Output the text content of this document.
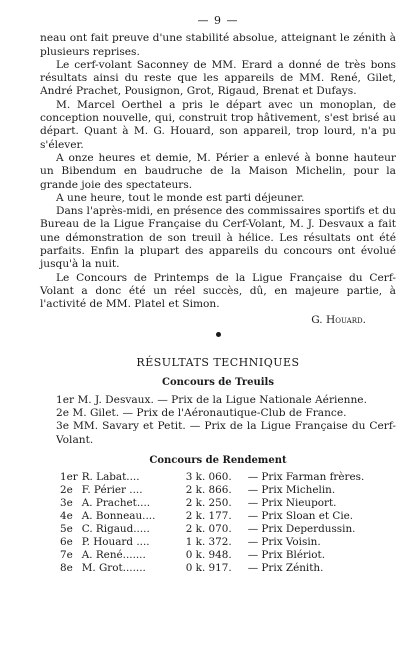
— 9 —

neau ont fait preuve d'une stabilité absolue, atteignant le zénith à plusieurs reprises.

Le cerf-volant Saconney de MM. Erard a donné de très bons résultats ainsi du reste que les appareils de MM. René, Gilet, André Prachet, Pousignon, Grot, Rigaud, Brenat et Dufays.

M. Marcel Oerthel a pris le départ avec un monoplan, de conception nouvelle, qui, construit trop hâtivement, s'est brisé au départ. Quant à M. G. Houard, son appareil, trop lourd, n'a pu s'élever.

A onze heures et demie, M. Périer a enlevé à bonne hauteur un Bibendum en baudruche de la Maison Michelin, pour la grande joie des spectateurs.

A une heure, tout le monde est parti déjeuner.

Dans l'après-midi, en présence des commissaires sportifs et du Bureau de la Ligue Française du Cerf-Volant, M. J. Desvaux a fait une démonstration de son treuil à hélice. Les résultats ont été parfaits. Enfin la plupart des appareils du concours ont évolué jusqu'à la nuit.

Le Concours de Printemps de la Ligue Française du Cerf-Volant a donc été un réel succès, dû, en majeure partie, à l'activité de MM. Platel et Simon.

G. Houard.
RÉSULTATS TECHNIQUES
Concours de Treuils

1er M. J. Desvaux. — Prix de la Ligue Nationale Aérienne.

2e M. Gilet. — Prix de l'Aéronautique-Club de France.

3e MM. Savary et Petit. — Prix de la Ligue Française du Cerf-Volant.

Concours de Rendement
1er	R. Labat....	3 k. 060.	— Prix Farman frères.
2e	F. Périer ....	2 k. 866.	— Prix Michelin.
3e	A. Prachet....	2 k. 250.	— Prix Nieuport.
4e	A. Bonneau....	2 k. 177.	— Prix Sloan et Cie.
5e	C. Rigaud.....	2 k. 070.	— Prix Deperdussin.
6e	P. Houard ....	1 k. 372.	— Prix Voisin.
7e	A. René.......	0 k. 948.	— Prix Blériot.
8e	M. Grot.......	0 k. 917.	— Prix Zénith.
